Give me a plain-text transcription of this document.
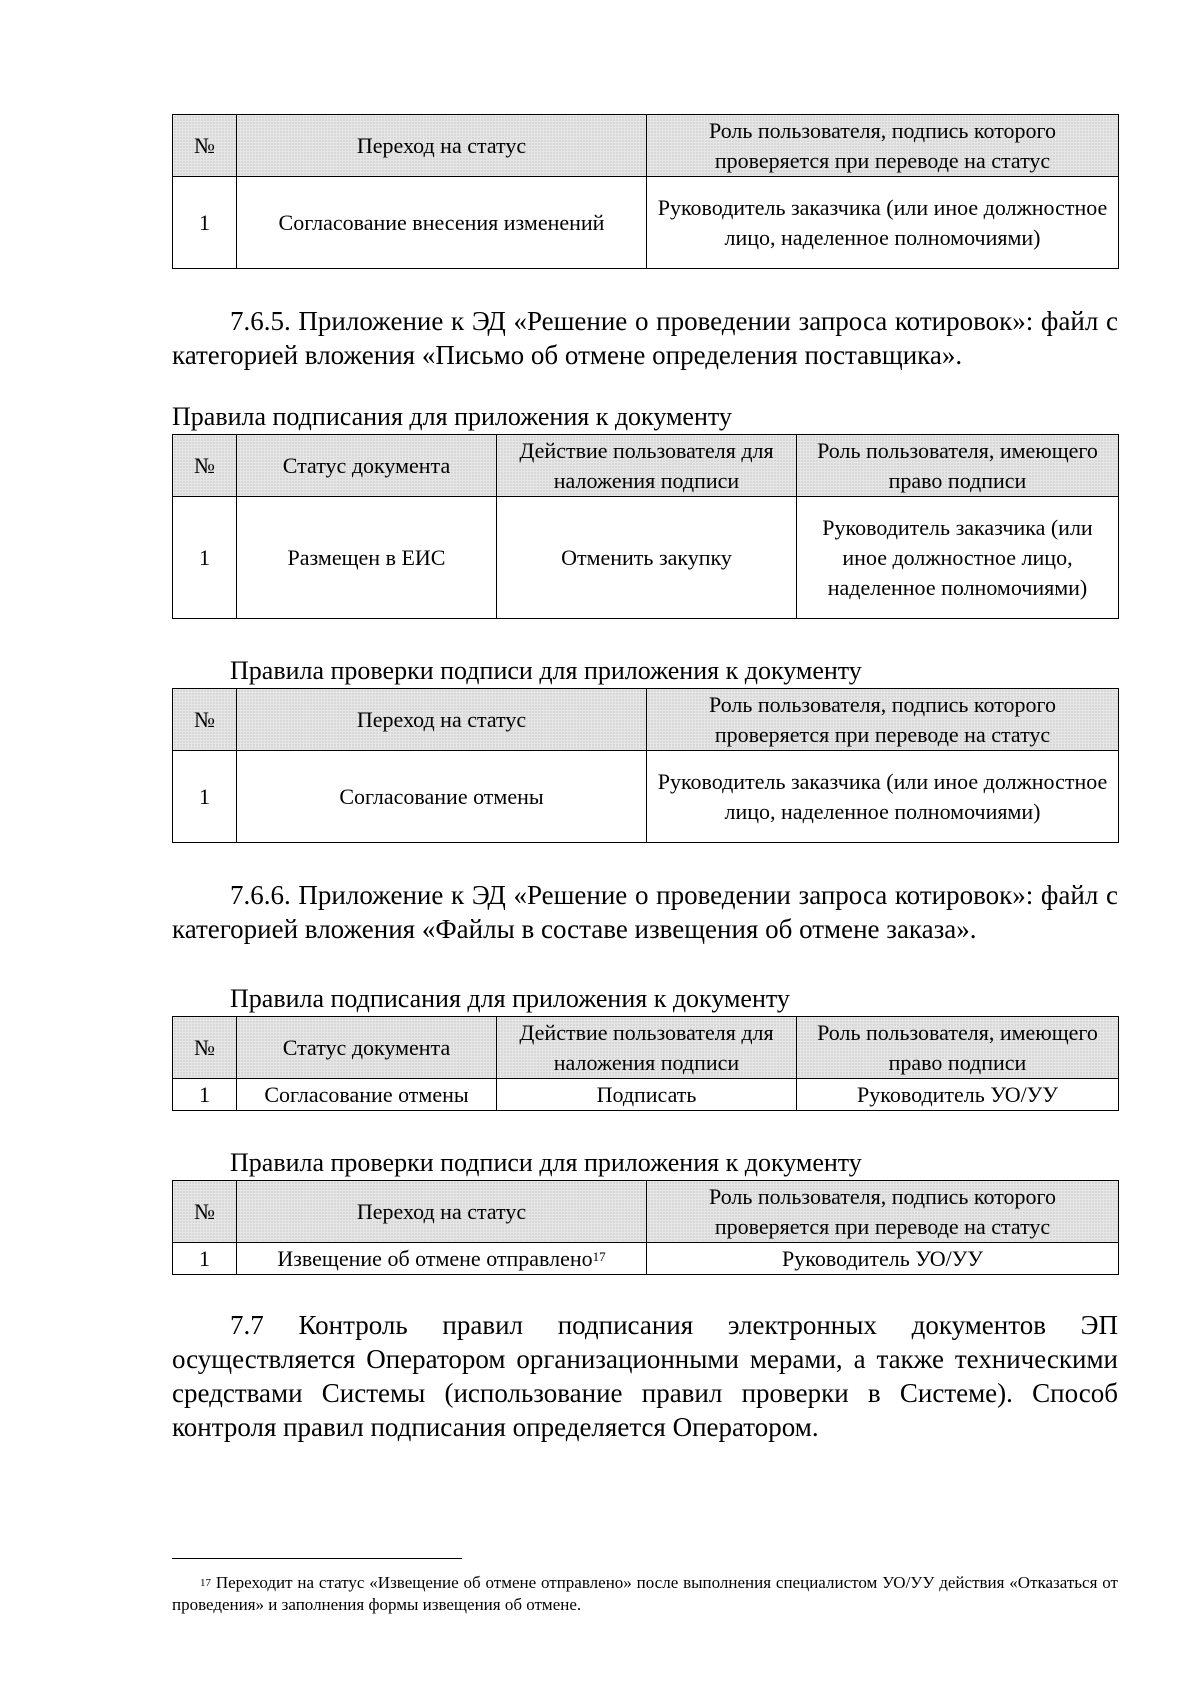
№	Переход на статус	Роль пользователя, подпись которого проверяется при переводе на статус
1	Согласование внесения изменений	Руководитель заказчика (или иное должностное лицо, наделенное полномочиями)

7.6.5. Приложение к ЭД «Решение о проведении запроса котировок»: файл с категорией вложения «Письмо об отмене определения поставщика».

Правила подписания для приложения к документу
№	Статус документа	Действие пользователя для наложения подписи	Роль пользователя, имеющего право подписи
1	Размещен в ЕИС	Отменить закупку	Руководитель заказчика (или иное должностное лицо, наделенное полномочиями)
Правила проверки подписи для приложения к документу
№	Переход на статус	Роль пользователя, подпись которого проверяется при переводе на статус
1	Согласование отмены	Руководитель заказчика (или иное должностное лицо, наделенное полномочиями)

7.6.6. Приложение к ЭД «Решение о проведении запроса котировок»: файл с категорией вложения «Файлы в составе извещения об отмене заказа».

Правила подписания для приложения к документу
№	Статус документа	Действие пользователя для наложения подписи	Роль пользователя, имеющего право подписи
1	Согласование отмены	Подписать	Руководитель УО/УУ
Правила проверки подписи для приложения к документу
№	Переход на статус	Роль пользователя, подпись которого проверяется при переводе на статус
1	Извещение об отмене отправлено$^{17}$	Руководитель УО/УУ

7.7 Контроль правил подписания электронных документов ЭП осуществляется Оператором организационными мерами, а также техническими средствами Системы (использование правил проверки в Системе). Способ контроля правил подписания определяется Оператором.

$^{17}$ Переходит на статус «Извещение об отмене отправлено» после выполнения специалистом УО/УУ действия «Отказаться от проведения» и заполнения формы извещения об отмене.
